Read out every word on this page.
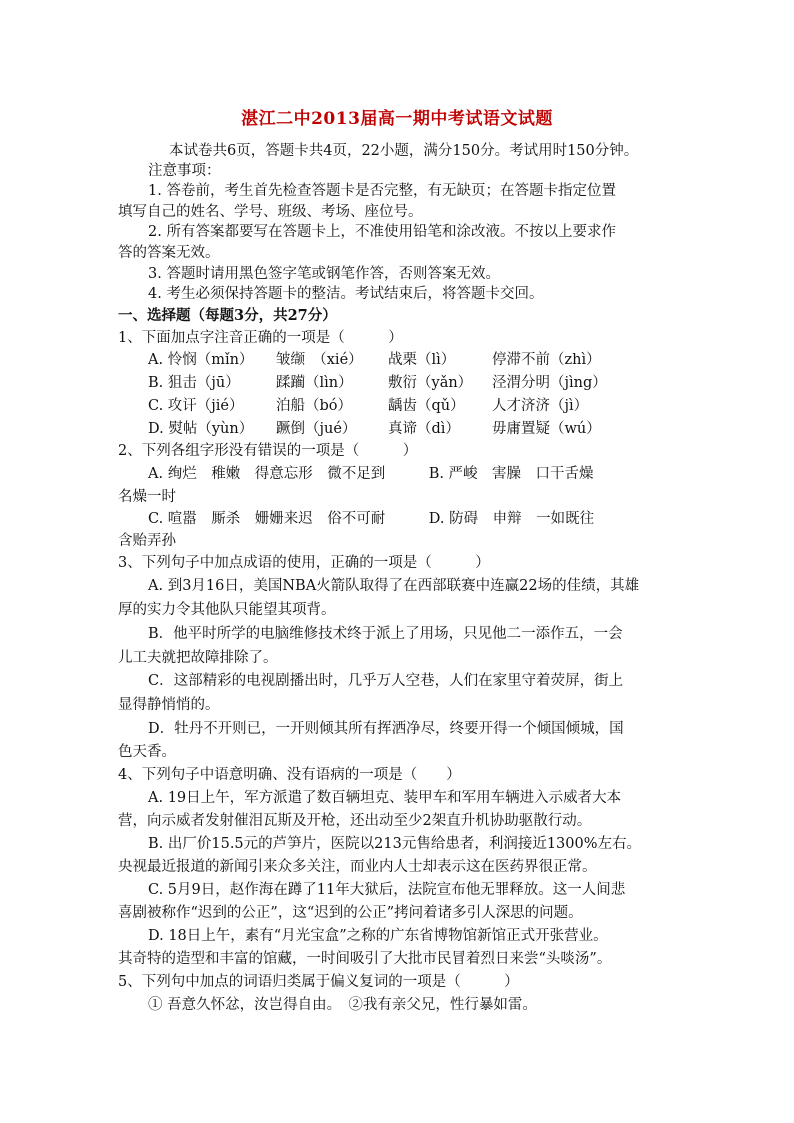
湛江二中2013届高一期中考试语文试题
本试卷共6页，答题卡共4页，22小题，满分150分。考试用时150分钟。
注意事项：
1. 答卷前，考生首先检查答题卡是否完整，有无缺页；在答题卡指定位置
填写自己的姓名、学号、班级、考场、座位号。
2. 所有答案都要写在答题卡上，不准使用铅笔和涂改液。不按以上要求作
答的答案无效。
3. 答题时请用黑色签字笔或钢笔作答，否则答案无效。
4. 考生必须保持答题卡的整洁。考试结束后，将答题卡交回。
一、选择题（每题3分，共27分）
1、下面加点字注音正确的一项是（　　　）
A. 怜悯（mǐn） 皱缬　（xié） 战栗（lì）	停滞不前（zhì）
B. 狙击（jū）	蹂躏（lìn） 敷衍（yǎn） 泾渭分明（jìng）
C. 攻讦（jié） 泊船（bó） 龋齿（qǔ） 人才济济（jì）
D. 熨帖（yùn） 蹶倒（jué） 真谛（dì） 毋庸置疑（wú）
2、下列各组字形没有错误的一项是（　　　）
A. 绚烂　稚嫩　得意忘形　微不足到　　　B. 严峻　害臊　口干舌燥
名燥一时
C. 喧嚣　厮杀　姗姗来迟　俗不可耐　　　D. 防碍　申辩　一如既往
含贻弄孙
3、下列句子中加点成语的使用，正确的一项是（　　　）
A. 到3月16日，美国NBA火箭队取得了在西部联赛中连赢22场的佳绩，其雄
厚的实力令其他队只能望其项背。
B．他平时所学的电脑维修技术终于派上了用场，只见他二一添作五，一会
儿工夫就把故障排除了。
C．这部精彩的电视剧播出时，几乎万人空巷，人们在家里守着荧屏，街上
显得静悄悄的。
D．牡丹不开则已，一开则倾其所有挥洒净尽，终要开得一个倾国倾城，国
色天香。
4、下列句子中语意明确、没有语病的一项是（　　）
A. 19日上午，军方派遣了数百辆坦克、装甲车和军用车辆进入示威者大本
营，向示威者发射催泪瓦斯及开枪，还出动至少2架直升机协助驱散行动。
B. 出厂价15.5元的芦笋片，医院以213元售给患者，利润接近1300%左右。
央视最近报道的新闻引来众多关注，而业内人士却表示这在医药界很正常。
C. 5月9日，赵作海在蹲了11年大狱后，法院宣布他无罪释放。这一人间悲
喜剧被称作“迟到的公正”，这“迟到的公正”拷问着诸多引人深思的问题。
D. 18日上午，素有“月光宝盒”之称的广东省博物馆新馆正式开张营业。
其奇特的造型和丰富的馆藏，一时间吸引了大批市民冒着烈日来尝“头啖汤”。
5、下列句中加点的词语归类属于偏义复词的一项是（　　　）
① 吾意久怀忿，汝岂得自由。　②我有亲父兄，性行暴如雷。
